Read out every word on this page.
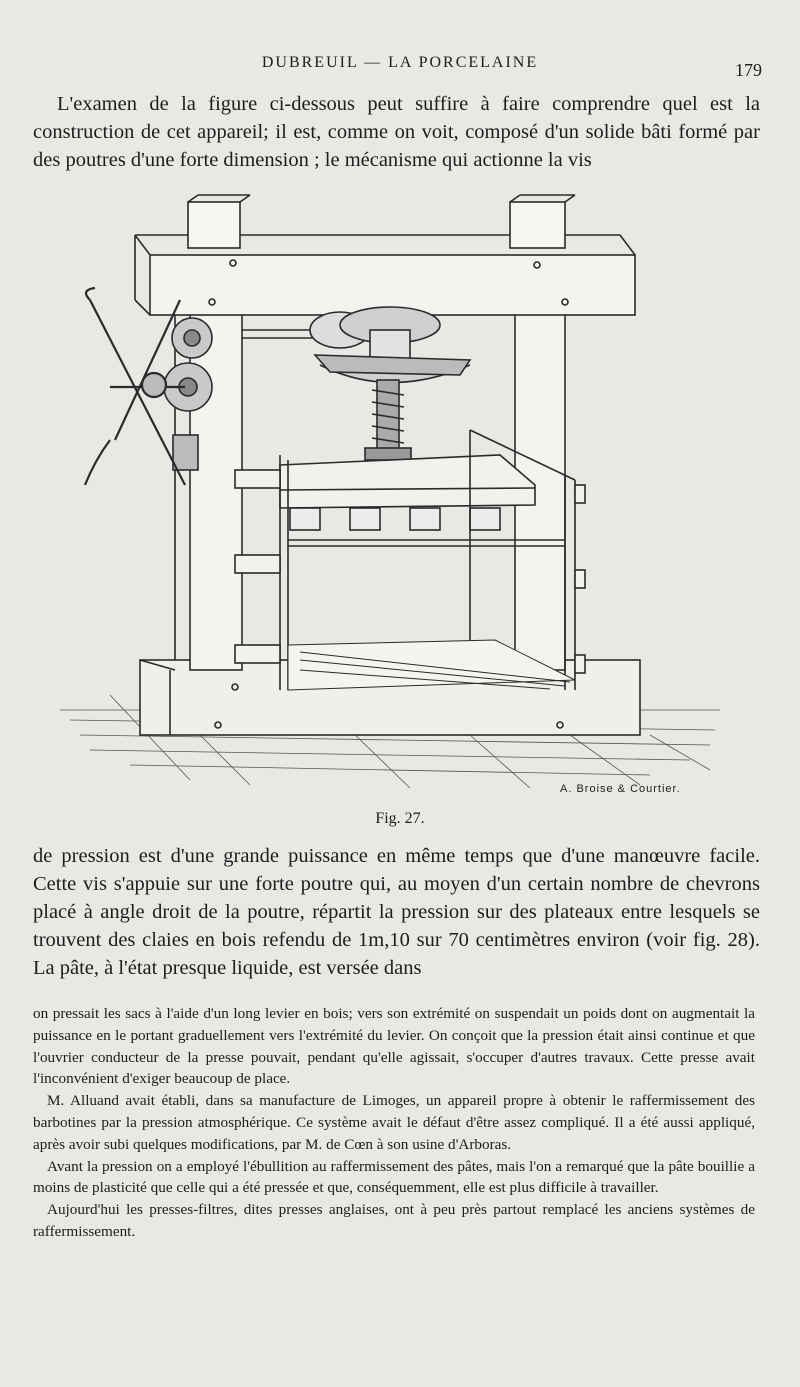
DUBREUIL — LA PORCELAINE	179

L'examen de la figure ci-dessous peut suffire à faire comprendre quel est la construction de cet appareil; il est, comme on voit, composé d'un solide bâti formé par des poutres d'une forte dimension ; le mécanisme qui actionne la vis

A. Broise & Courtier.
Fig. 27.

de pression est d'une grande puissance en même temps que d'une manœuvre facile. Cette vis s'appuie sur une forte poutre qui, au moyen d'un certain nombre de chevrons placé à angle droit de la poutre, répartit la pression sur des plateaux entre lesquels se trouvent des claies en bois refendu de 1m,10 sur 70 centimètres environ (voir fig. 28). La pâte, à l'état presque liquide, est versée dans

on pressait les sacs à l'aide d'un long levier en bois; vers son extrémité on suspendait un poids dont on augmentait la puissance en le portant graduellement vers l'extrémité du levier. On conçoit que la pression était ainsi continue et que l'ouvrier conducteur de la presse pouvait, pendant qu'elle agissait, s'occuper d'autres travaux. Cette presse avait l'inconvénient d'exiger beaucoup de place.

M. Alluand avait établi, dans sa manufacture de Limoges, un appareil propre à obtenir le raffermissement des barbotines par la pression atmosphérique. Ce système avait le défaut d'être assez compliqué. Il a été aussi appliqué, après avoir subi quelques modifications, par M. de Cœn à son usine d'Arboras.

Avant la pression on a employé l'ébullition au raffermissement des pâtes, mais l'on a remarqué que la pâte bouillie a moins de plasticité que celle qui a été pressée et que, conséquemment, elle est plus difficile à travailler.

Aujourd'hui les presses-filtres, dites presses anglaises, ont à peu près partout remplacé les anciens systèmes de raffermissement.
